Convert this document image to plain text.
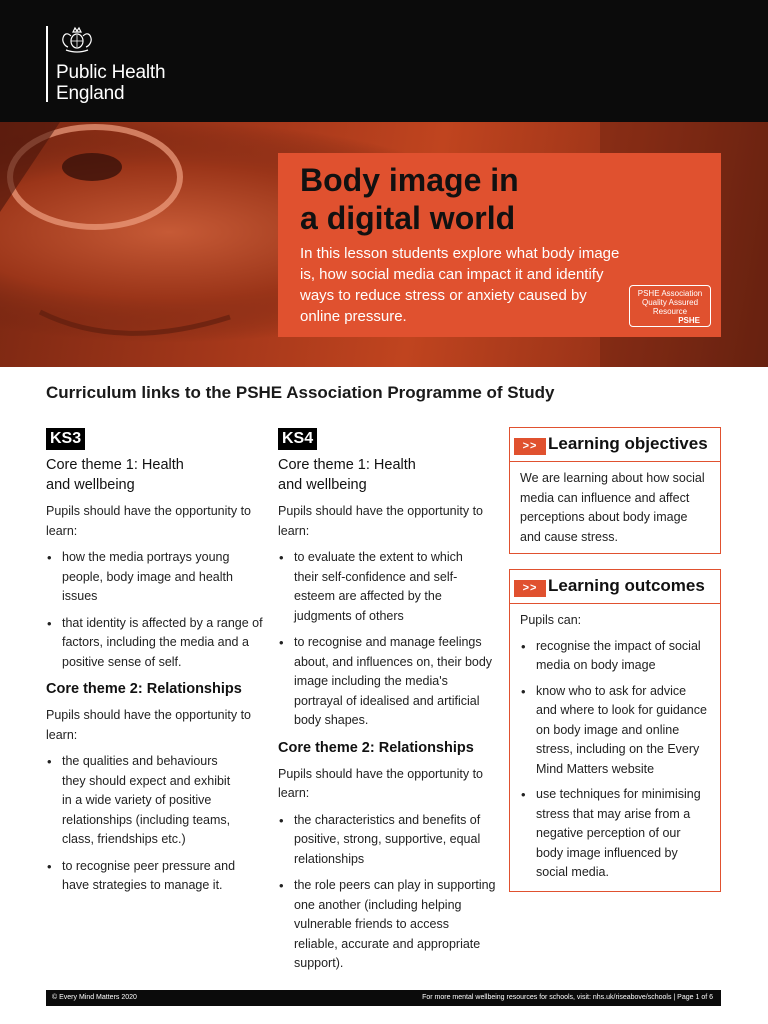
Public Health
England
Body image in
a digital world
In this lesson students explore what body image is, how social media can impact it and identify ways to reduce stress or anxiety caused by online pressure.
PSHE Association
Quality Assured
Resource
PSHE
Curriculum links to the PSHE Association Programme of Study
KS3
Core theme 1: Health and wellbeing
Pupils should have the opportunity to learn:
• how the media portrays young people, body image and health issues
• that identity is affected by a range of factors, including the media and a positive sense of self.
Core theme 2: Relationships
Pupils should have the opportunity to learn:
• the qualities and behaviours they should expect and exhibit in a wide variety of positive relationships (including teams, class, friendships etc.)
• to recognise peer pressure and have strategies to manage it.
KS4
Core theme 1: Health and wellbeing
Pupils should have the opportunity to learn:
• to evaluate the extent to which their self-confidence and self-esteem are affected by the judgments of others
• to recognise and manage feelings about, and influences on, their body image including the media's portrayal of idealised and artificial body shapes.
Core theme 2: Relationships
Pupils should have the opportunity to learn:
• the characteristics and benefits of positive, strong, supportive, equal relationships
• the role peers can play in supporting one another (including helping vulnerable friends to access reliable, accurate and appropriate support).
>> Learning objectives
We are learning about how social media can influence and affect perceptions about body image and cause stress.
>> Learning outcomes
Pupils can:
• recognise the impact of social media on body image
• know who to ask for advice and where to look for guidance on body image and online stress, including on the Every Mind Matters website
• use techniques for minimising stress that may arise from a negative perception of our body image influenced by social media.
© Every Mind Matters 2020	For more mental wellbeing resources for schools, visit: nhs.uk/riseabove/schools | Page 1 of 6
